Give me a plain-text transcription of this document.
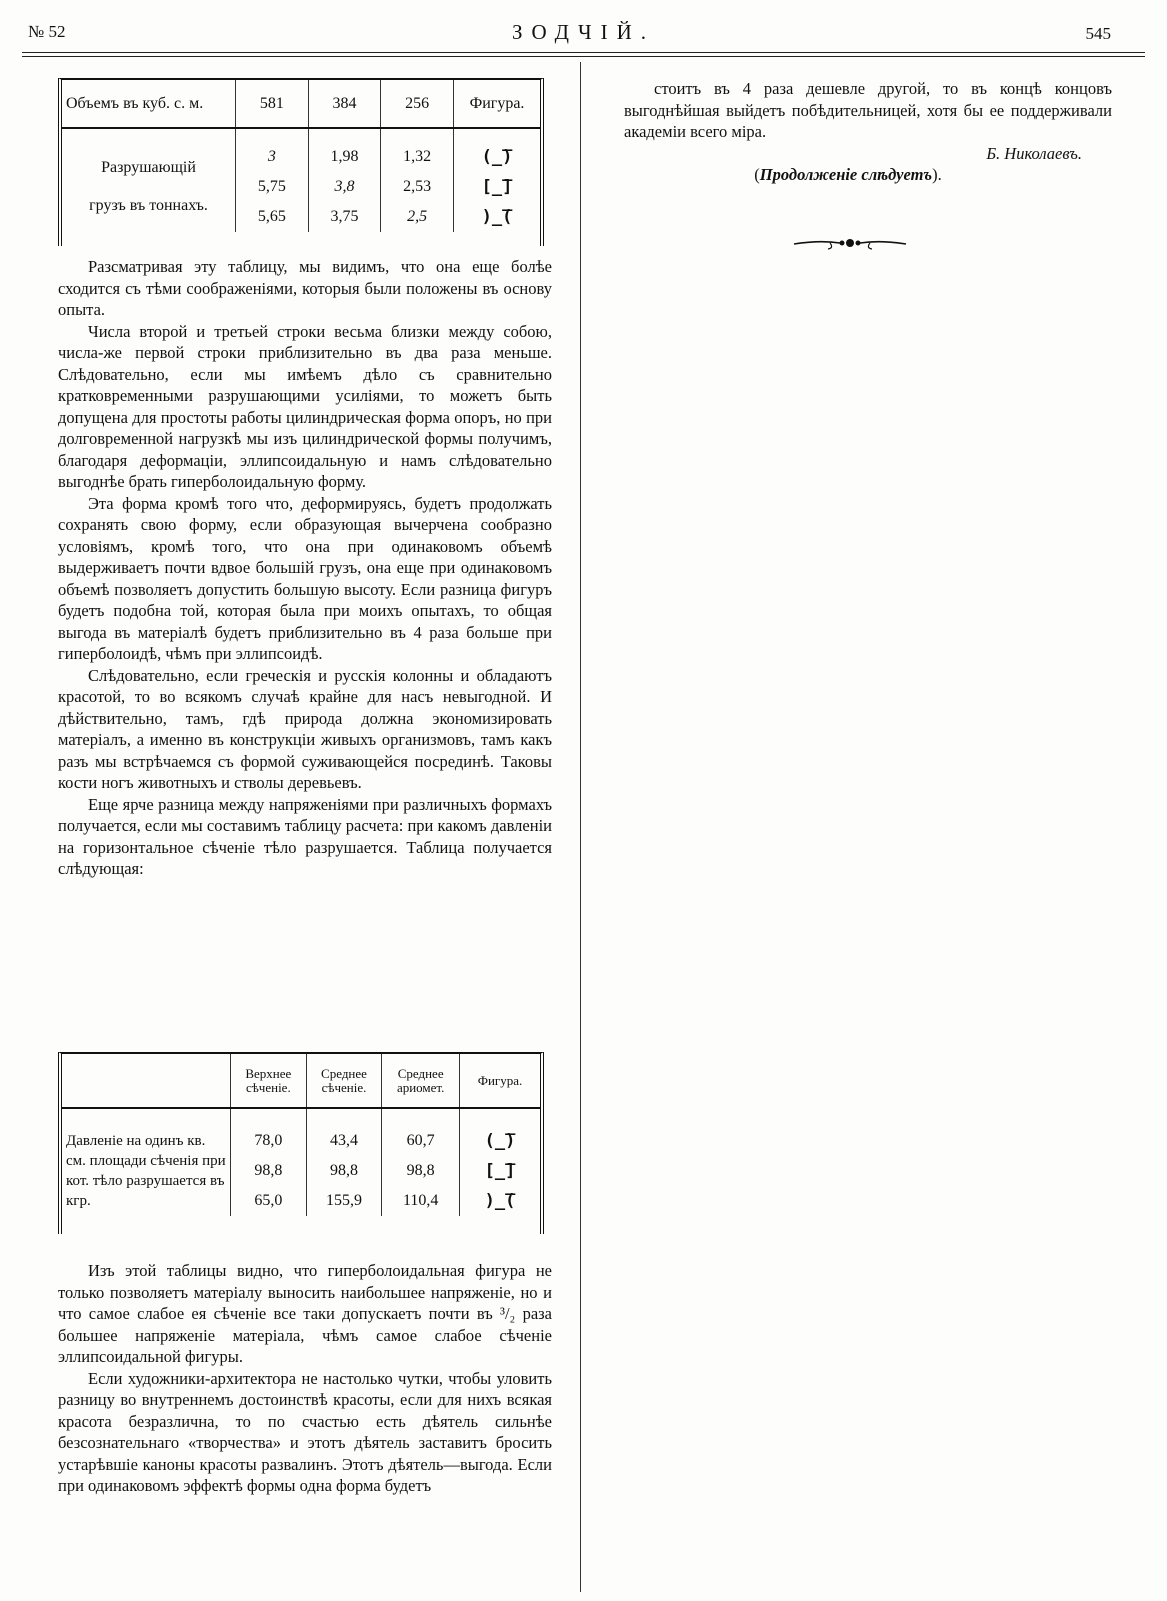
№ 52	ЗОДЧІЙ.	545
Объемъ въ куб. с. м.	581	384	256	Фигура.

Разрушающій
грузъ въ тоннахъ.	3	1,98	1,32	(̲̅)
	5,75	3,8	2,53	[̲̅]
	5,65	3,75	2,5	)̲̅(

Разсматривая эту таблицу, мы видимъ, что она еще болѣе сходится съ тѣми соображеніями, которыя были положены въ основу опыта.

Числа второй и третьей строки весьма близки между собою, числа-же первой строки приблизительно въ два раза меньше. Слѣдовательно, если мы имѣемъ дѣло съ сравнительно кратковременными разрушающими усиліями, то можетъ быть допущена для простоты работы цилиндрическая форма опоръ, но при долговременной нагрузкѣ мы изъ цилиндрической формы получимъ, благодаря деформаціи, эллипсоидальную и намъ слѣдовательно выгоднѣе брать гиперболоидальную форму.

Эта форма кромѣ того что, деформируясь, будетъ продолжать сохранять свою форму, если образующая вычерчена сообразно условіямъ, кромѣ того, что она при одинаковомъ объемѣ выдерживаетъ почти вдвое большій грузъ, она еще при одинаковомъ объемѣ позволяетъ допустить большую высоту. Если разница фигуръ будетъ подобна той, которая была при моихъ опытахъ, то общая выгода въ матеріалѣ будетъ приблизительно въ 4 раза больше при гиперболоидѣ, чѣмъ при эллипсоидѣ.

Слѣдовательно, если греческія и русскія колонны и обладаютъ красотой, то во всякомъ случаѣ крайне для насъ невыгодной. И дѣйствительно, тамъ, гдѣ природа должна экономизировать матеріалъ, а именно въ конструкціи живыхъ организмовъ, тамъ какъ разъ мы встрѣчаемся съ формой суживающейся посрединѣ. Таковы кости ногъ животныхъ и стволы деревьевъ.

Еще ярче разница между напряженіями при различныхъ формахъ получается, если мы составимъ таблицу расчета: при какомъ давленіи на горизонтальное сѣченіе тѣло разрушается. Таблица получается слѣдующая:

	Верхнее сѣченіе.	Среднее сѣченіе.	Среднее ариомет.	Фигура.

Давленіе на одинъ кв. см. площади сѣченія при кот. тѣло разрушается въ кгр.	78,0	43,4	60,7	(̲̅)
	98,8	98,8	98,8	[̲̅]
	65,0	155,9	110,4	)̲̅(

Изъ этой таблицы видно, что гиперболоидальная фигура не только позволяетъ матеріалу выносить наибольшее напряженіе, но и что самое слабое ея сѣченіе все таки допускаетъ почти въ ³/₂ раза большее напряженіе матеріала, чѣмъ самое слабое сѣченіе эллипсоидальной фигуры.

Если художники-архитектора не настолько чутки, чтобы уловить разницу во внутреннемъ достоинствѣ красоты, если для нихъ всякая красота безразлична, то по счастью есть дѣятель сильнѣе безсознательнаго «творчества» и этотъ дѣятель заставитъ бросить устарѣвшіе каноны красоты развалинъ. Этотъ дѣятель—выгода. Если при одинаковомъ эффектѣ формы одна форма будетъ

стоитъ въ 4 раза дешевле другой, то въ концѣ концовъ выгоднѣйшая выйдетъ побѣдительницей, хотя бы ее поддерживали академіи всего міра.

Б. Николаевъ.

(Продолженіе слѣдуетъ).
